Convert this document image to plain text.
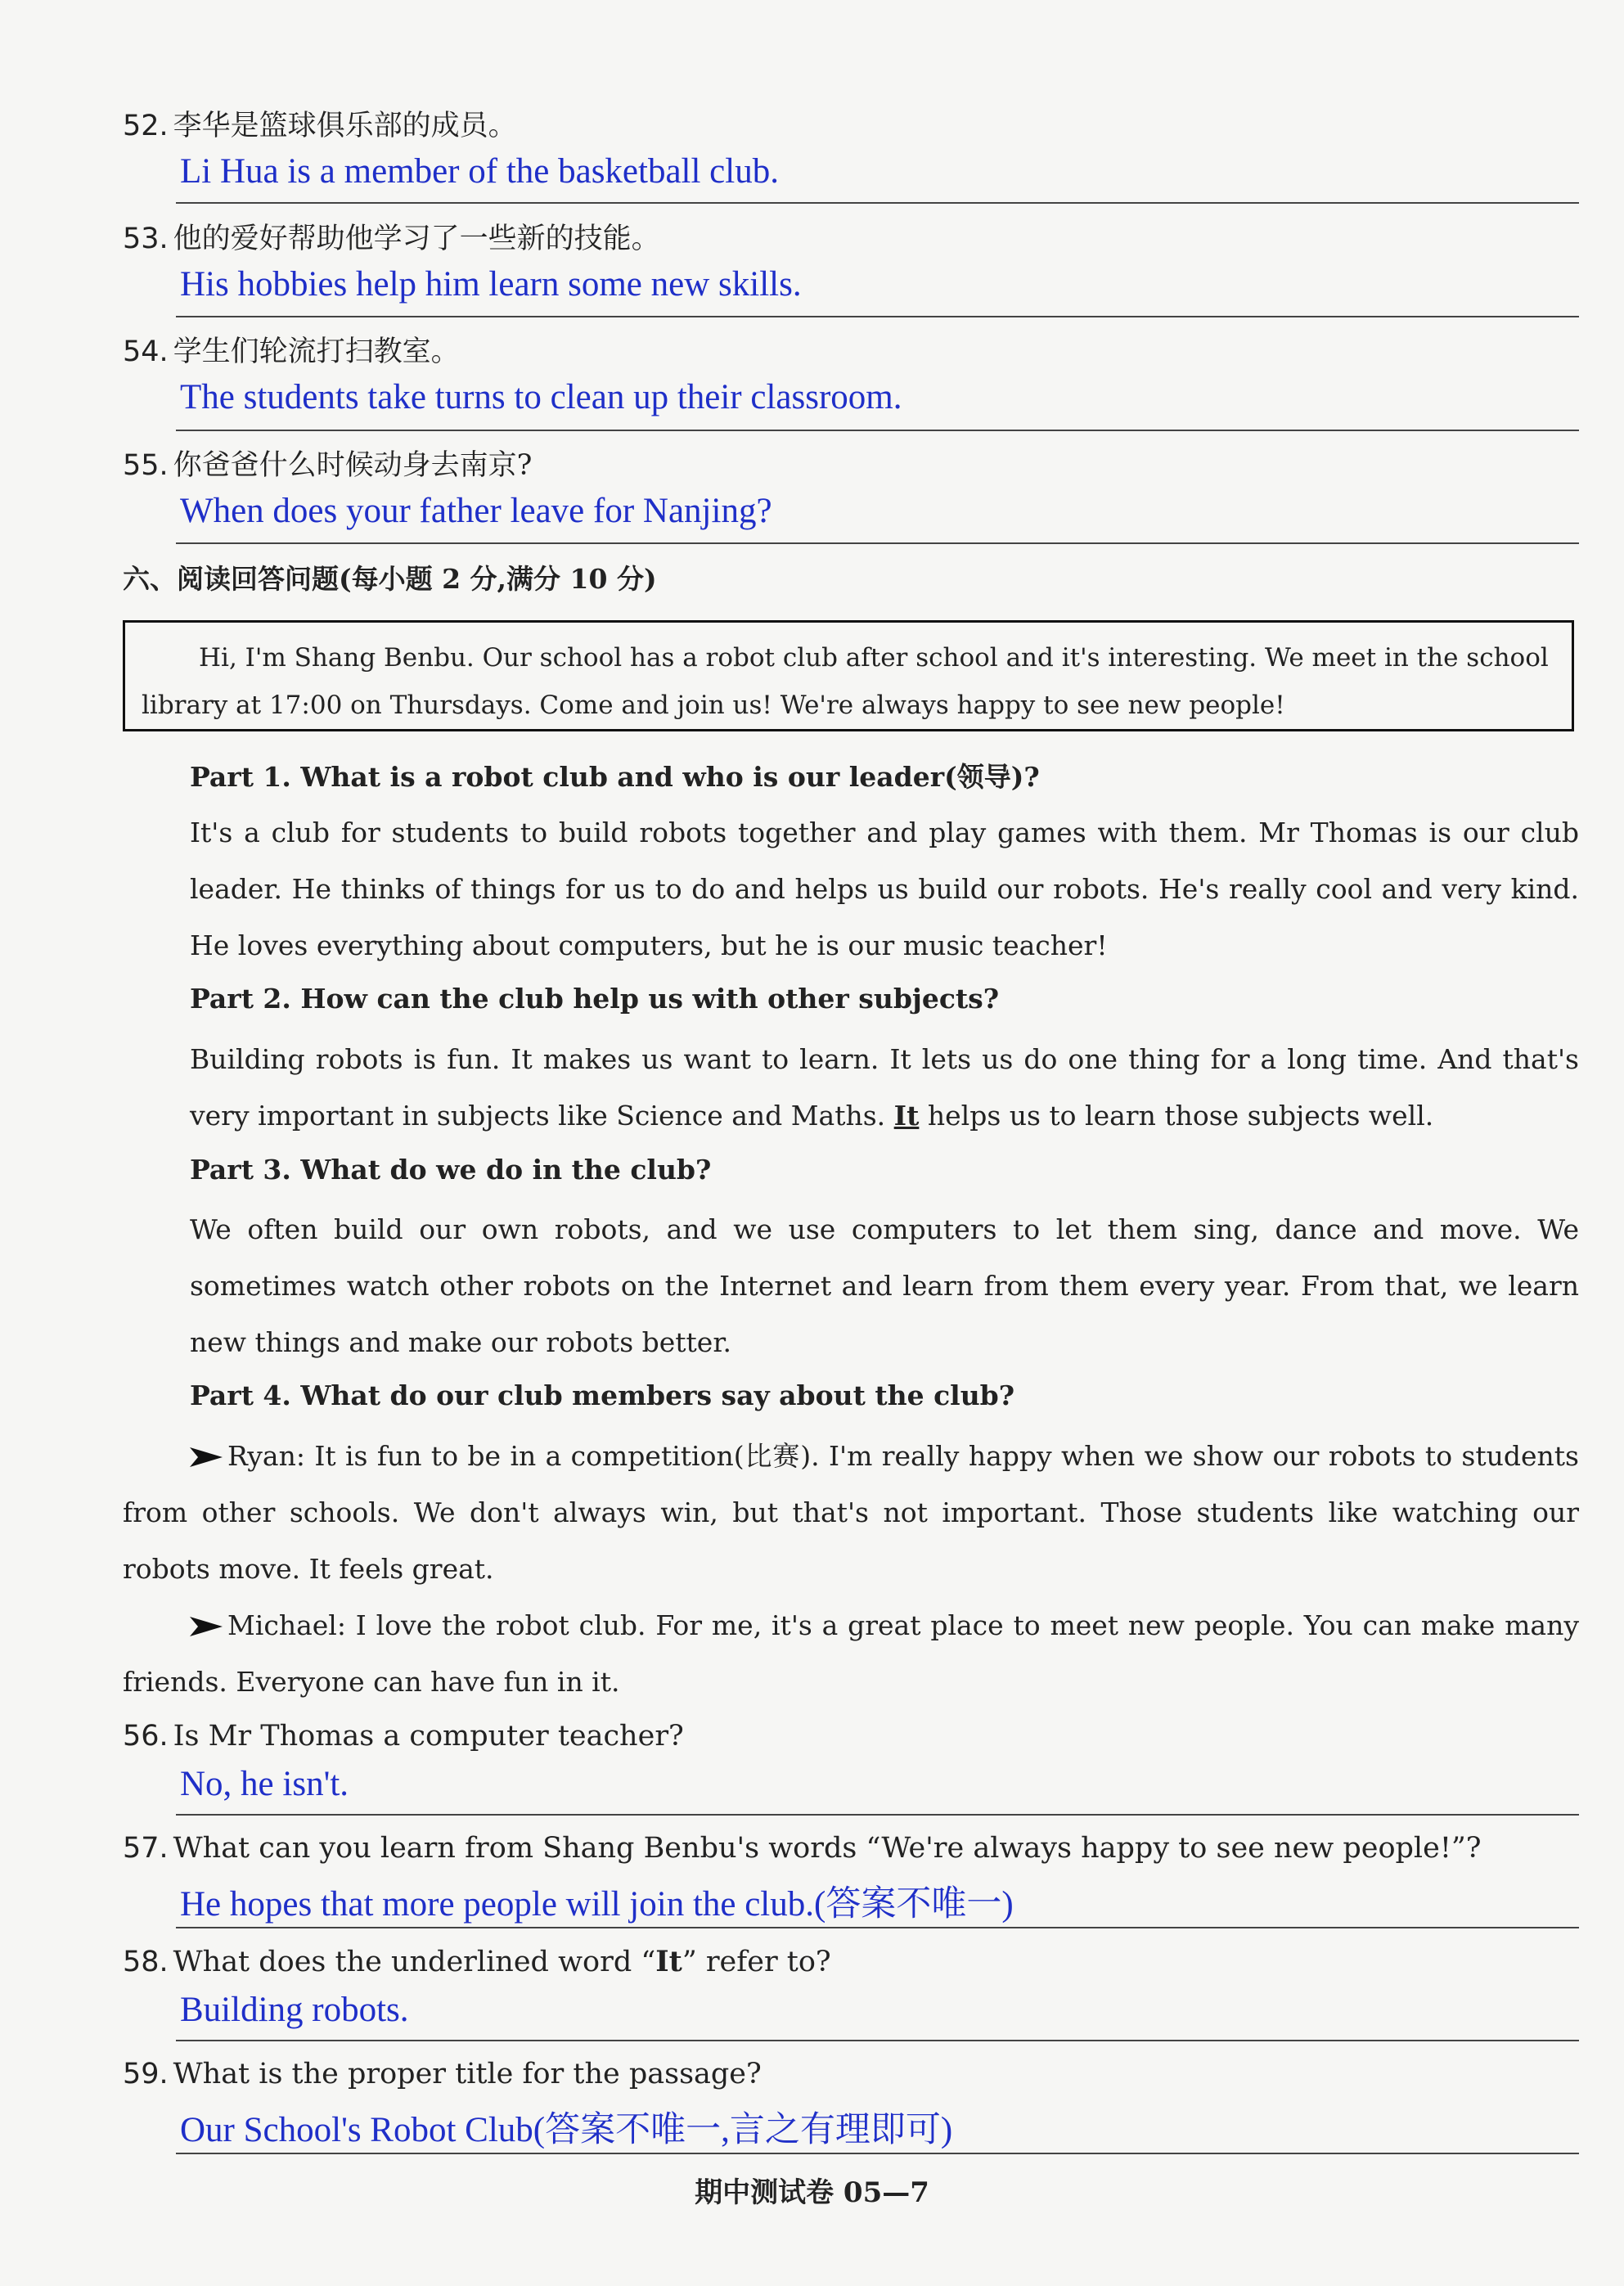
52. 李华是篮球俱乐部的成员。
Li Hua is a member of the basketball club.
53. 他的爱好帮助他学习了一些新的技能。
His hobbies help him learn some new skills.
54. 学生们轮流打扫教室。
The students take turns to clean up their classroom.
55. 你爸爸什么时候动身去南京?
When does your father leave for Nanjing?
六、阅读回答问题(每小题 2 分,满分 10 分)
Hi, I'm Shang Benbu. Our school has a robot club after school and it's interesting. We meet in the school
library at 17:00 on Thursdays. Come and join us! We're always happy to see new people!
Part 1. What is a robot club and who is our leader(领导)?
It's a club for students to build robots together and play games with them. Mr Thomas is our club leader. He thinks of things for us to do and helps us build our robots. He's really cool and very kind. He loves everything about computers, but he is our music teacher!
Part 2. How can the club help us with other subjects?
Building robots is fun. It makes us want to learn. It lets us do one thing for a long time. And that's very important in subjects like Science and Maths. It helps us to learn those subjects well.
Part 3. What do we do in the club?
We often build our own robots, and we use computers to let them sing, dance and move. We sometimes watch other robots on the Internet and learn from them every year. From that, we learn new things and make our robots better.
Part 4. What do our club members say about the club?
Ryan: It is fun to be in a competition(比赛). I'm really happy when we show our robots to students from other schools. We don't always win, but that's not important. Those students like watching our robots move. It feels great.
Michael: I love the robot club. For me, it's a great place to meet new people. You can make many friends. Everyone can have fun in it.
56. Is Mr Thomas a computer teacher?
No, he isn't.
57. What can you learn from Shang Benbu's words “We're always happy to see new people!”?
He hopes that more people will join the club.(答案不唯一)
58. What does the underlined word “It” refer to?
Building robots.
59. What is the proper title for the passage?
Our School's Robot Club(答案不唯一,言之有理即可)
期中测试卷 05—7
